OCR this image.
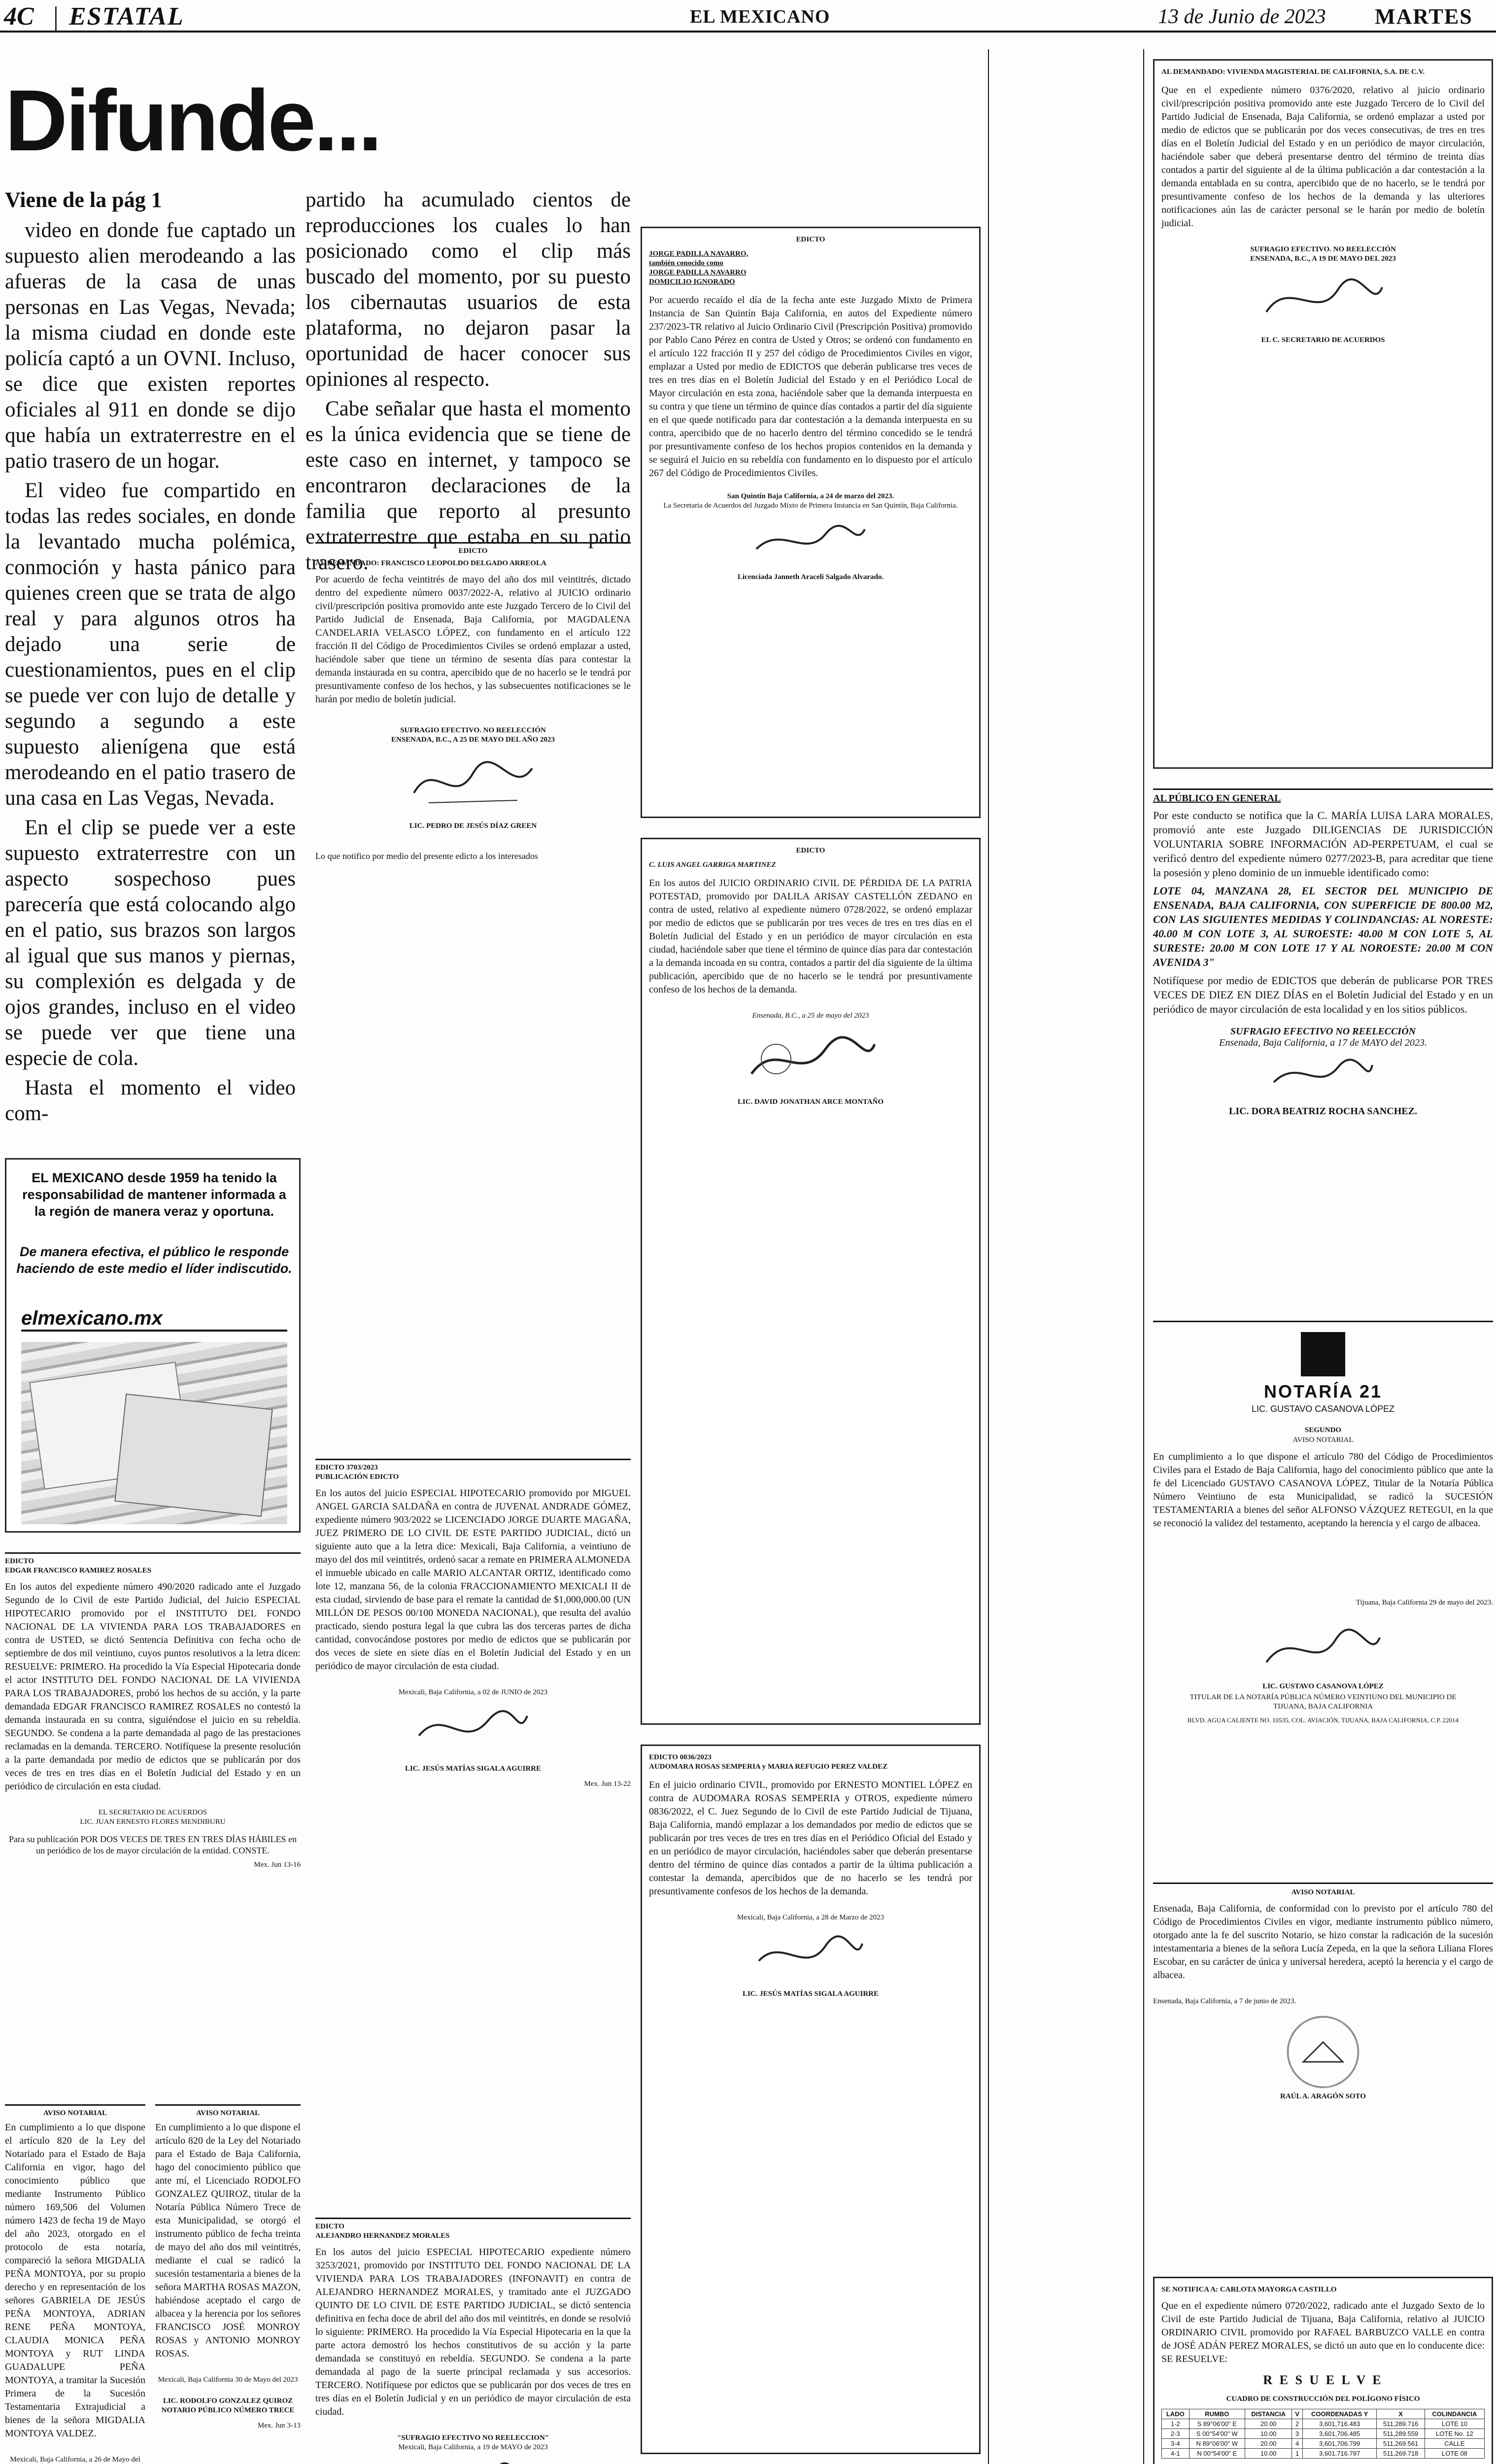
4C | ESTATAL	EL MEXICANO	13 de Junio de 2023 MARTES
Difunde...
Viene de la pág 1

video en donde fue captado un supuesto alien merodeando a las afueras de la casa de unas personas en Las Vegas, Nevada; la misma ciudad en donde este policía captó a un OVNI. Incluso, se dice que existen reportes oficiales al 911 en donde se dijo que había un extraterrestre en el patio trasero de un hogar.

El video fue compartido en todas las redes sociales, en donde la levantado mucha polémica, conmoción y hasta pánico para quienes creen que se trata de algo real y para algunos otros ha dejado una serie de cuestionamientos, pues en el clip se puede ver con lujo de detalle y segundo a segundo a este supuesto alienígena que está merodeando en el patio trasero de una casa en Las Vegas, Nevada.

En el clip se puede ver a este supuesto extraterrestre con un aspecto sospechoso pues parecería que está colocando algo en el patio, sus brazos son largos al igual que sus manos y piernas, su complexión es delgada y de ojos grandes, incluso en el video se puede ver que tiene una especie de cola.

Hasta el momento el video com-

partido ha acumulado cientos de reproducciones los cuales lo han posicionado como el clip más buscado del momento, por su puesto los cibernautas usuarios de esta plataforma, no dejaron pasar la oportunidad de hacer conocer sus opiniones al respecto.

Cabe señalar que hasta el momento es la única evidencia que se tiene de este caso en internet, y tampoco se encontraron declaraciones de la familia que reporto al presunto extraterrestre que estaba en su patio trasero.

EL MEXICANO desde 1959 ha tenido la responsabilidad de mantener informada a la región de manera veraz y oportuna.
De manera efectiva, el público le responde haciendo de este medio el líder indiscutido.
elmexicano.mx
EDICTO
EDGAR FRANCISCO RAMIREZ ROSALES

En los autos del expediente número 490/2020 radicado ante el Juzgado Segundo de lo Civil de este Partido Judicial, del Juicio ESPECIAL HIPOTECARIO promovido por el INSTITUTO DEL FONDO NACIONAL DE LA VIVIENDA PARA LOS TRABAJADORES en contra de USTED, se dictó Sentencia Definitiva con fecha ocho de septiembre de dos mil veintiuno, cuyos puntos resolutivos a la letra dicen: RESUELVE: PRIMERO. Ha procedido la Vía Especial Hipotecaria donde el actor INSTITUTO DEL FONDO NACIONAL DE LA VIVIENDA PARA LOS TRABAJADORES, probó los hechos de su acción, y la parte demandada EDGAR FRANCISCO RAMIREZ ROSALES no contestó la demanda instaurada en su contra, siguiéndose el juicio en su rebeldía. SEGUNDO. Se condena a la parte demandada al pago de las prestaciones reclamadas en la demanda. TERCERO. Notifíquese la presente resolución a la parte demandada por medio de edictos que se publicarán por dos veces de tres en tres días en el Boletín Judicial del Estado y en un periódico de circulación en esta ciudad.

EL SECRETARIO DE ACUERDOS
LIC. JUAN ERNESTO FLORES MENDIBURU

Para su publicación POR DOS VECES DE TRES EN TRES DÍAS HÁBILES en un periódico de los de mayor circulación de la entidad. CONSTE.

Mex. Jun 13-16
AVISO NOTARIAL

En cumplimiento a lo que dispone el artículo 820 de la Ley del Notariado para el Estado de Baja California en vigor, hago del conocimiento público que mediante Instrumento Público número 169,506 del Volumen número 1423 de fecha 19 de Mayo del año 2023, otorgado en el protocolo de esta notaría, compareció la señora MIGDALIA PEÑA MONTOYA, por su propio derecho y en representación de los señores GABRIELA DE JESÚS PEÑA MONTOYA, ADRIAN RENE PEÑA MONTOYA, CLAUDIA MONICA PEÑA MONTOYA y RUT LINDA GUADALUPE PEÑA MONTOYA, a tramitar la Sucesión Primera de la Sucesión Testamentaria Extrajudicial a bienes de la señora MIGDALIA MONTOYA VALDEZ.

Mexicali, Baja California, a 26 de Mayo del
AVISO NOTARIAL

En cumplimiento a lo que dispone el artículo 820 de la Ley del Notariado para el Estado de Baja California, hago del conocimiento público que ante mí, el Licenciado RODOLFO GONZALEZ QUIROZ, titular de la Notaría Pública Número Trece de esta Municipalidad, se otorgó el instrumento público de fecha treinta de mayo del año dos mil veintitrés, mediante el cual se radicó la sucesión testamentaria a bienes de la señora MARTHA ROSAS MAZON, habiéndose aceptado el cargo de albacea y la herencia por los señores FRANCISCO JOSÉ MONROY ROSAS y ANTONIO MONROY ROSAS.

Mexicali, Baja California 30 de Mayo del 2023
LIC. RODOLFO GONZALEZ QUIROZ
NOTARIO PÚBLICO NÚMERO TRECE
Mex. Jun 3-13
EDICTO
AL DEMANDADO: FRANCISCO LEOPOLDO DELGADO ARREOLA

Por acuerdo de fecha veintitrés de mayo del año dos mil veintitrés, dictado dentro del expediente número 0037/2022-A, relativo al JUICIO ordinario civil/prescripción positiva promovido ante este Juzgado Tercero de lo Civil del Partido Judicial de Ensenada, Baja California, por MAGDALENA CANDELARIA VELASCO LÓPEZ, con fundamento en el artículo 122 fracción II del Código de Procedimientos Civiles se ordenó emplazar a usted, haciéndole saber que tiene un término de sesenta días para contestar la demanda instaurada en su contra, apercibido que de no hacerlo se le tendrá por presuntivamente confeso de los hechos, y las subsecuentes notificaciones se le harán por medio de boletín judicial.

SUFRAGIO EFECTIVO. NO REELECCIÓN
ENSENADA, B.C., A 25 DE MAYO DEL AÑO 2023
LIC. PEDRO DE JESÚS DÍAZ GREEN

Lo que notifico por medio del presente edicto a los interesados

EDICTO 3703/2023
PUBLICACIÓN EDICTO

En los autos del juicio ESPECIAL HIPOTECARIO promovido por MIGUEL ANGEL GARCIA SALDAÑA en contra de JUVENAL ANDRADE GÓMEZ, expediente número 903/2022 se LICENCIADO JORGE DUARTE MAGAÑA, JUEZ PRIMERO DE LO CIVIL DE ESTE PARTIDO JUDICIAL, dictó un siguiente auto que a la letra dice: Mexicali, Baja California, a veintiuno de mayo del dos mil veintitrés, ordenó sacar a remate en PRIMERA ALMONEDA el inmueble ubicado en calle MARIO ALCANTAR ORTIZ, identificado como lote 12, manzana 56, de la colonia FRACCIONAMIENTO MEXICALI II de esta ciudad, sirviendo de base para el remate la cantidad de $1,000,000.00 (UN MILLÓN DE PESOS 00/100 MONEDA NACIONAL), que resulta del avalúo practicado, siendo postura legal la que cubra las dos terceras partes de dicha cantidad, convocándose postores por medio de edictos que se publicarán por dos veces de siete en siete días en el Boletín Judicial del Estado y en un periódico de mayor circulación de esta ciudad.

Mexicali, Baja California, a 02 de JUNIO de 2023
LIC. JESÚS MATÍAS SIGALA AGUIRRE
Mex. Jun 13-22
EDICTO
ALEJANDRO HERNANDEZ MORALES

En los autos del juicio ESPECIAL HIPOTECARIO expediente número 3253/2021, promovido por INSTITUTO DEL FONDO NACIONAL DE LA VIVIENDA PARA LOS TRABAJADORES (INFONAVIT) en contra de ALEJANDRO HERNANDEZ MORALES, y tramitado ante el JUZGADO QUINTO DE LO CIVIL DE ESTE PARTIDO JUDICIAL, se dictó sentencia definitiva en fecha doce de abril del año dos mil veintitrés, en donde se resolvió lo siguiente: PRIMERO. Ha procedido la Vía Especial Hipotecaria en la que la parte actora demostró los hechos constitutivos de su acción y la parte demandada se constituyó en rebeldía. SEGUNDO. Se condena a la parte demandada al pago de la suerte principal reclamada y sus accesorios. TERCERO. Notifíquese por edictos que se publicarán por dos veces de tres en tres días en el Boletín Judicial y en un periódico de mayor circulación de esta ciudad.

"SUFRAGIO EFECTIVO NO REELECCION"
Mexicali, Baja California, a 19 de MAYO de 2023
EDICTO
JORGE PADILLA NAVARRO,
también conocido como
JORGE PADILLA NAVARRO
DOMICILIO IGNORADO

Por acuerdo recaído el día de la fecha ante este Juzgado Mixto de Primera Instancia de San Quintín Baja California, en autos del Expediente número 237/2023-TR relativo al Juicio Ordinario Civil (Prescripción Positiva) promovido por Pablo Cano Pérez en contra de Usted y Otros; se ordenó con fundamento en el artículo 122 fracción II y 257 del código de Procedimientos Civiles en vigor, emplazar a Usted por medio de EDICTOS que deberán publicarse tres veces de tres en tres días en el Boletín Judicial del Estado y en el Periódico Local de Mayor circulación en esta zona, haciéndole saber que la demanda interpuesta en su contra y que tiene un término de quince días contados a partir del día siguiente en el que quede notificado para dar contestación a la demanda interpuesta en su contra, apercibido que de no hacerlo dentro del término concedido se le tendrá por presuntivamente confeso de los hechos propios contenidos en la demanda y se seguirá el Juicio en su rebeldía con fundamento en lo dispuesto por el artículo 267 del Código de Procedimientos Civiles.

San Quintín Baja California, a 24 de marzo del 2023.
La Secretaria de Acuerdos del Juzgado Mixto de Primera Instancia en San Quintín, Baja California.
Licenciada Janneth Araceli Salgado Alvarado.
EDICTO
C. LUIS ANGEL GARRIGA MARTINEZ

En los autos del JUICIO ORDINARIO CIVIL DE PÉRDIDA DE LA PATRIA POTESTAD, promovido por DALILA ARISAY CASTELLÓN ZEDANO en contra de usted, relativo al expediente número 0728/2022, se ordenó emplazar por medio de edictos que se publicarán por tres veces de tres en tres días en el Boletín Judicial del Estado y en un periódico de mayor circulación en esta ciudad, haciéndole saber que tiene el término de quince días para dar contestación a la demanda incoada en su contra, contados a partir del día siguiente de la última publicación, apercibido que de no hacerlo se le tendrá por presuntivamente confeso de los hechos de la demanda.

Ensenada, B.C., a 25 de mayo del 2023
LIC. DAVID JONATHAN ARCE MONTAÑO
EDICTO 0036/2023
AUDOMARA ROSAS SEMPERIA y MARIA REFUGIO PEREZ VALDEZ

En el juicio ordinario CIVIL, promovido por ERNESTO MONTIEL LÓPEZ en contra de AUDOMARA ROSAS SEMPERIA y OTROS, expediente número 0836/2022, el C. Juez Segundo de lo Civil de este Partido Judicial de Tijuana, Baja California, mandó emplazar a los demandados por medio de edictos que se publicarán por tres veces de tres en tres días en el Periódico Oficial del Estado y en un periódico de mayor circulación, haciéndoles saber que deberán presentarse dentro del término de quince días contados a partir de la última publicación a contestar la demanda, apercibidos que de no hacerlo se les tendrá por presuntivamente confesos de los hechos de la demanda.

Mexicali, Baja California, a 28 de Marzo de 2023
LIC. JESÚS MATÍAS SIGALA AGUIRRE

AL DEMANDADO: VIVIENDA MAGISTERIAL DE CALIFORNIA, S.A. DE C.V.

Que en el expediente número 0376/2020, relativo al juicio ordinario civil/prescripción positiva promovido ante este Juzgado Tercero de lo Civil del Partido Judicial de Ensenada, Baja California, se ordenó emplazar a usted por medio de edictos que se publicarán por dos veces consecutivas, de tres en tres días en el Boletín Judicial del Estado y en un periódico de mayor circulación, haciéndole saber que deberá presentarse dentro del término de treinta días contados a partir del siguiente al de la última publicación a dar contestación a la demanda entablada en su contra, apercibido que de no hacerlo, se le tendrá por presuntivamente confeso de los hechos de la demanda y las ulteriores notificaciones aún las de carácter personal se le harán por medio de boletín judicial.

SUFRAGIO EFECTIVO. NO REELECCIÓN
ENSENADA, B.C., A 19 DE MAYO DEL 2023
EL C. SECRETARIO DE ACUERDOS
AL PÚBLICO EN GENERAL

Por este conducto se notifica que la C. MARÍA LUISA LARA MORALES, promovió ante este Juzgado DILIGENCIAS DE JURISDICCIÓN VOLUNTARIA SOBRE INFORMACIÓN AD-PERPETUAM, el cual se verificó dentro del expediente número 0277/2023-B, para acreditar que tiene la posesión y pleno dominio de un inmueble identificado como:

LOTE 04, MANZANA 28, EL SECTOR DEL MUNICIPIO DE ENSENADA, BAJA CALIFORNIA, CON SUPERFICIE DE 800.00 M2, CON LAS SIGUIENTES MEDIDAS Y COLINDANCIAS: AL NORESTE: 40.00 M CON LOTE 3, AL SUROESTE: 40.00 M CON LOTE 5, AL SURESTE: 20.00 M CON LOTE 17 Y AL NOROESTE: 20.00 M CON AVENIDA 3"

Notifíquese por medio de EDICTOS que deberán de publicarse POR TRES VECES DE DIEZ EN DIEZ DÍAS en el Boletín Judicial del Estado y en un periódico de mayor circulación de esta localidad y en los sitios públicos.

SUFRAGIO EFECTIVO NO REELECCIÓN
Ensenada, Baja California, a 17 de MAYO del 2023.
LIC. DORA BEATRIZ ROCHA SANCHEZ.
NOTARÍA 21
LIC. GUSTAVO CASANOVA LÓPEZ
SEGUNDO
AVISO NOTARIAL

En cumplimiento a lo que dispone el artículo 780 del Código de Procedimientos Civiles para el Estado de Baja California, hago del conocimiento público que ante la fe del Licenciado GUSTAVO CASANOVA LÓPEZ, Titular de la Notaría Pública Número Veintiuno de esta Municipalidad, se radicó la SUCESIÓN TESTAMENTARIA a bienes del señor ALFONSO VÁZQUEZ RETEGUI, en la que se reconoció la validez del testamento, aceptando la herencia y el cargo de albacea.

Tijuana, Baja California 29 de mayo del 2023.
LIC. GUSTAVO CASANOVA LÓPEZ
TITULAR DE LA NOTARÍA PÚBLICA NÚMERO VEINTIUNO DEL MUNICIPIO DE TIJUANA, BAJA CALIFORNIA
BLVD. AGUA CALIENTE NO. 10535, COL. AVIACIÓN, TIJUANA, BAJA CALIFORNIA, C.P. 22014
AVISO NOTARIAL

Ensenada, Baja California, de conformidad con lo previsto por el artículo 780 del Código de Procedimientos Civiles en vigor, mediante instrumento público número, otorgado ante la fe del suscrito Notario, se hizo constar la radicación de la sucesión intestamentaria a bienes de la señora Lucía Zepeda, en la que la señora Liliana Flores Escobar, en su carácter de única y universal heredera, aceptó la herencia y el cargo de albacea.

Ensenada, Baja California, a 7 de junio de 2023.
RAÚL A. ARAGÓN SOTO
SE NOTIFICA A: CARLOTA MAYORGA CASTILLO

Que en el expediente número 0720/2022, radicado ante el Juzgado Sexto de lo Civil de este Partido Judicial de Tijuana, Baja California, relativo al JUICIO ORDINARIO CIVIL promovido por RAFAEL BARBUZCO VALLE en contra de JOSÉ ADÁN PEREZ MORALES, se dictó un auto que en lo conducente dice: SE RESUELVE:

R E S U E L V E
CUADRO DE CONSTRUCCIÓN DEL POLÍGONO FÍSICO
LADO	RUMBO	DISTANCIA	V	COORDENADAS Y	X	COLINDANCIA
1-2	S 89°06'00" E	20.00	2	3,601,716.483	511,289.716	LOTE 10
2-3	S 00°54'00" W	10.00	3	3,601,706.485	511,289.559	LOTE No. 12
3-4	N 89°06'00" W	20.00	4	3,601,706.799	511,269.561	CALLE
4-1	N 00°54'00" E	10.00	1	3,601,716.797	511,269.718	LOTE 08
